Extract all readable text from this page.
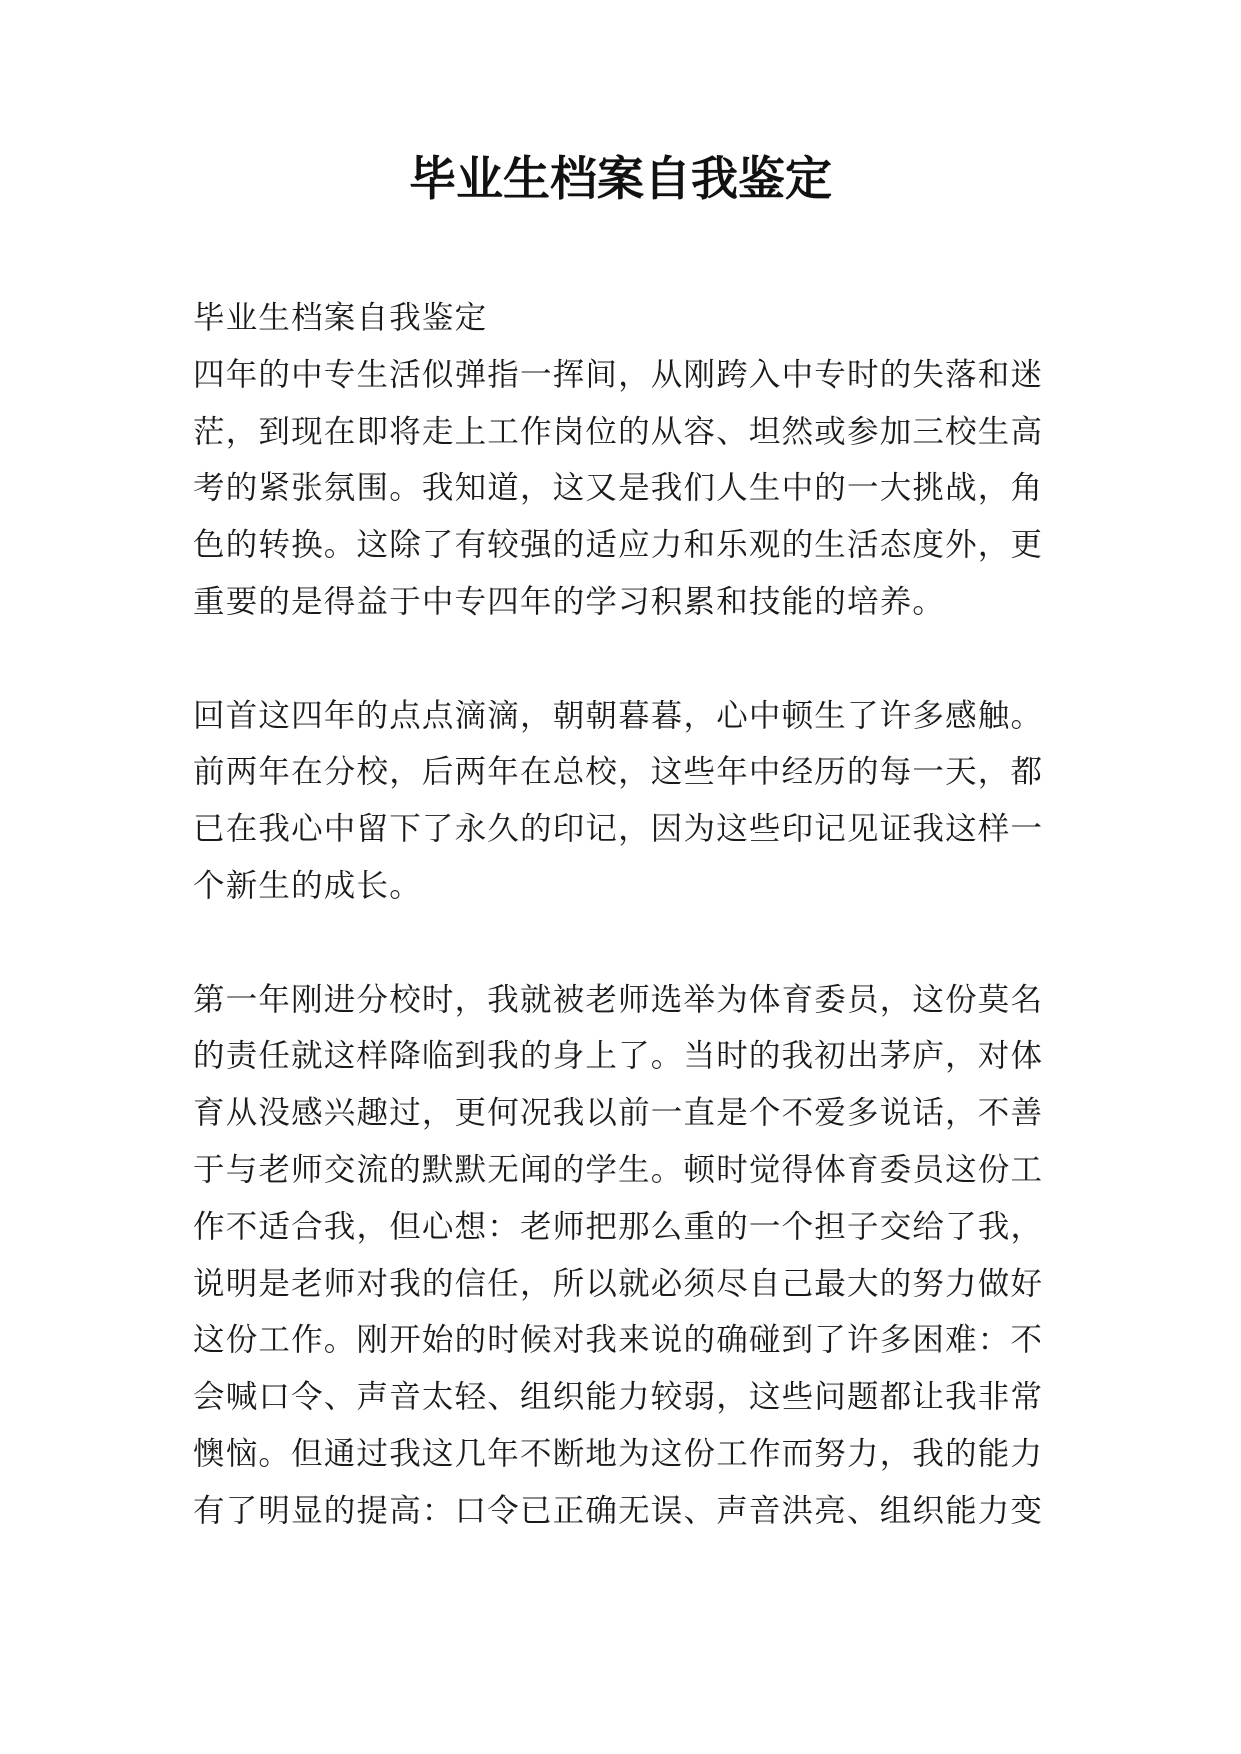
毕业生档案自我鉴定
毕业生档案自我鉴定
四年的中专生活似弹指一挥间，从刚跨入中专时的失落和迷
茫，到现在即将走上工作岗位的从容、坦然或参加三校生高
考的紧张氛围。我知道，这又是我们人生中的一大挑战，角
色的转换。这除了有较强的适应力和乐观的生活态度外，更
重要的是得益于中专四年的学习积累和技能的培养。
回首这四年的点点滴滴，朝朝暮暮，心中顿生了许多感触。
前两年在分校，后两年在总校，这些年中经历的每一天，都
已在我心中留下了永久的印记，因为这些印记见证我这样一
个新生的成长。
第一年刚进分校时，我就被老师选举为体育委员，这份莫名
的责任就这样降临到我的身上了。当时的我初出茅庐，对体
育从没感兴趣过，更何况我以前一直是个不爱多说话，不善
于与老师交流的默默无闻的学生。顿时觉得体育委员这份工
作不适合我，但心想：老师把那么重的一个担子交给了我，
说明是老师对我的信任，所以就必须尽自己最大的努力做好
这份工作。刚开始的时候对我来说的确碰到了许多困难：不
会喊口令、声音太轻、组织能力较弱，这些问题都让我非常
懊恼。但通过我这几年不断地为这份工作而努力，我的能力
有了明显的提高：口令已正确无误、声音洪亮、组织能力变
